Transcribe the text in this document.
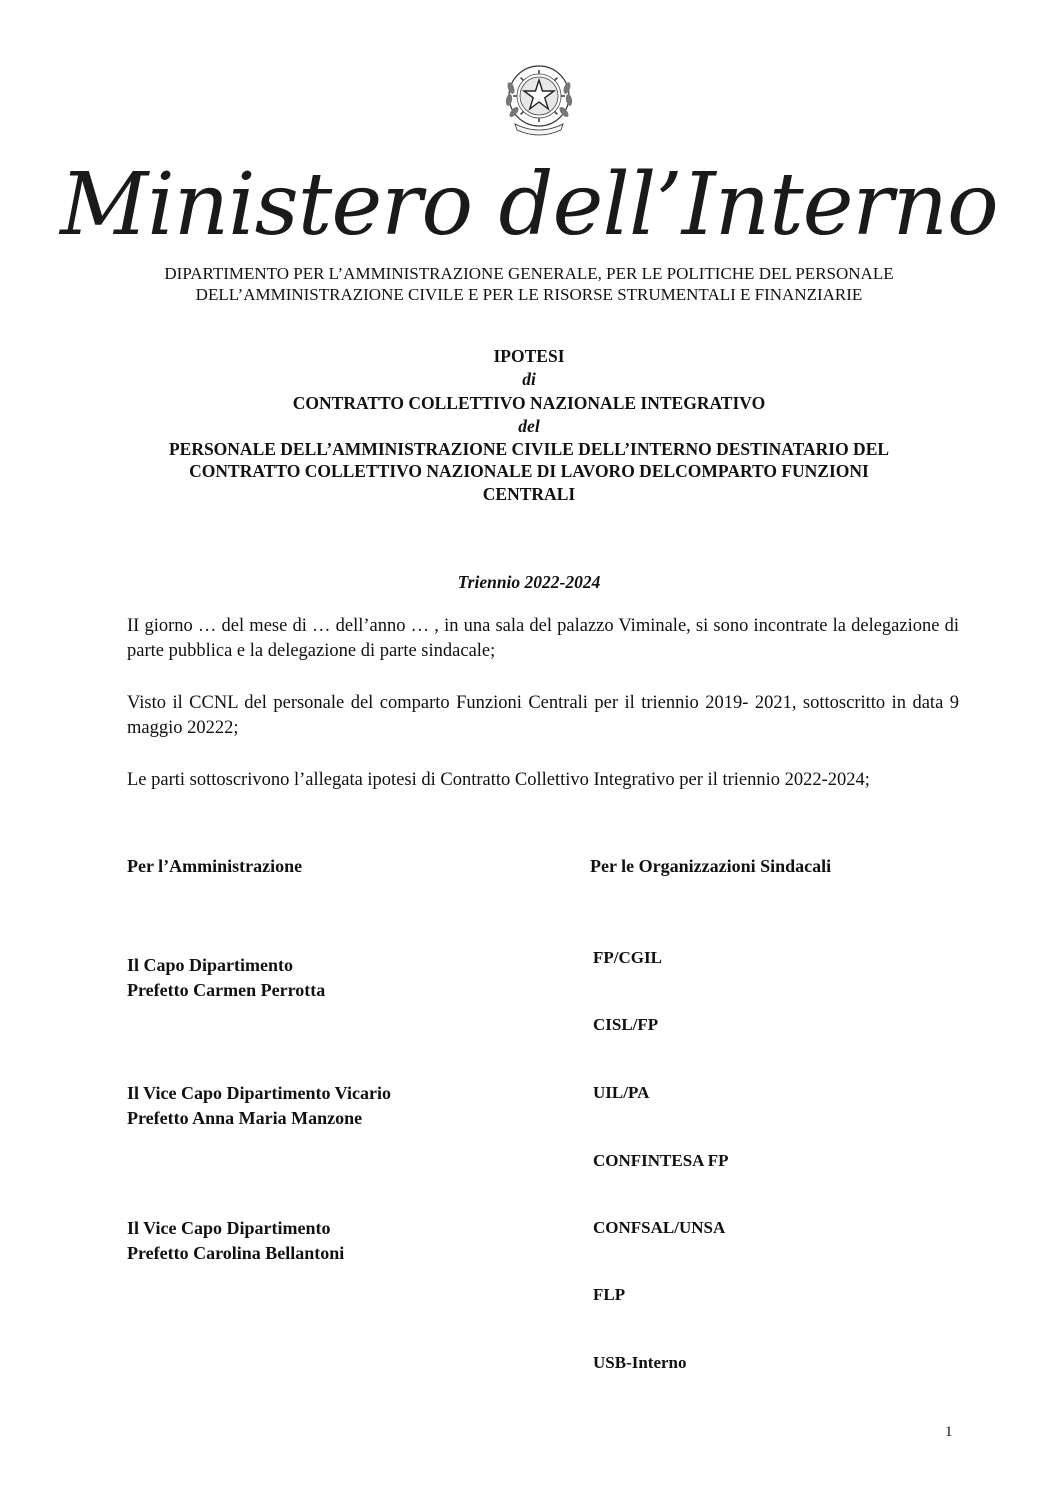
Ministero dell’Interno
DIPARTIMENTO PER L’AMMINISTRAZIONE GENERALE, PER LE POLITICHE DEL PERSONALE
DELL’AMMINISTRAZIONE CIVILE E PER LE RISORSE STRUMENTALI E FINANZIARIE
IPOTESI
di
CONTRATTO COLLETTIVO NAZIONALE INTEGRATIVO
del
PERSONALE DELL’AMMINISTRAZIONE CIVILE DELL’INTERNO DESTINATARIO DEL
CONTRATTO COLLETTIVO NAZIONALE DI LAVORO DELCOMPARTO FUNZIONI
CENTRALI
Triennio 2022-2024

II giorno … del mese di … dell’anno … , in una sala del palazzo Viminale, si sono incontrate la delegazione di parte pubblica e la delegazione di parte sindacale;

Visto il CCNL del personale del comparto Funzioni Centrali per il triennio 2019- 2021, sottoscritto in data 9 maggio 20222;

Le parti sottoscrivono l’allegata ipotesi di Contratto Collettivo Integrativo per il triennio 2022-2024;

Per l’Amministrazione	Per le Organizzazioni Sindacali
Il Capo Dipartimento
Prefetto Carmen Perrotta
Il Vice Capo Dipartimento Vicario
Prefetto Anna Maria Manzone
Il Vice Capo Dipartimento
Prefetto Carolina Bellantoni
FP/CGIL
CISL/FP
UIL/PA
CONFINTESA FP
CONFSAL/UNSA
FLP
USB-Interno
1
